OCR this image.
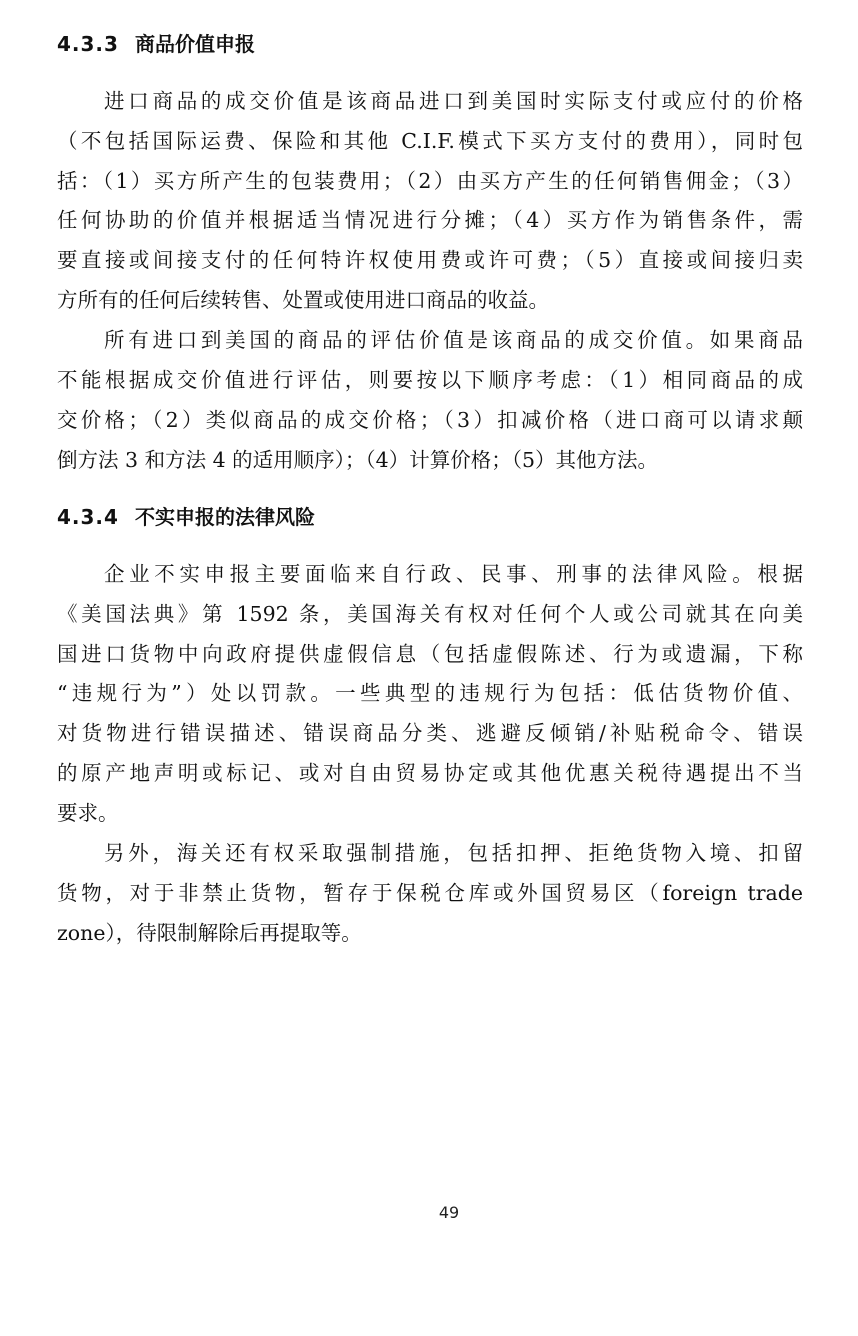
4.3.3 商品价值申报
进口商品的成交价值是该商品进口到美国时实际支付或应付的价格
（不包括国际运费、保险和其他 C.I.F.模式下买方支付的费用），同时包
括：（1）买方所产生的包装费用；（2）由买方产生的任何销售佣金；（3）
任何协助的价值并根据适当情况进行分摊；（4）买方作为销售条件，需
要直接或间接支付的任何特许权使用费或许可费；（5）直接或间接归卖
方所有的任何后续转售、处置或使用进口商品的收益。
所有进口到美国的商品的评估价值是该商品的成交价值。如果商品
不能根据成交价值进行评估，则要按以下顺序考虑：（1）相同商品的成
交价格；（2）类似商品的成交价格；（3）扣减价格（进口商可以请求颠
倒方法 3 和方法 4 的适用顺序）；（4）计算价格；（5）其他方法。
4.3.4 不实申报的法律风险
企业不实申报主要面临来自行政、民事、刑事的法律风险。根据
《美国法典》第 1592 条，美国海关有权对任何个人或公司就其在向美
国进口货物中向政府提供虚假信息（包括虚假陈述、行为或遗漏，下称
“违规行为”）处以罚款。一些典型的违规行为包括：低估货物价值、
对货物进行错误描述、错误商品分类、逃避反倾销/补贴税命令、错误
的原产地声明或标记、或对自由贸易协定或其他优惠关税待遇提出不当
要求。
另外，海关还有权采取强制措施，包括扣押、拒绝货物入境、扣留
货物，对于非禁止货物，暂存于保税仓库或外国贸易区（foreign trade
zone），待限制解除后再提取等。
49
